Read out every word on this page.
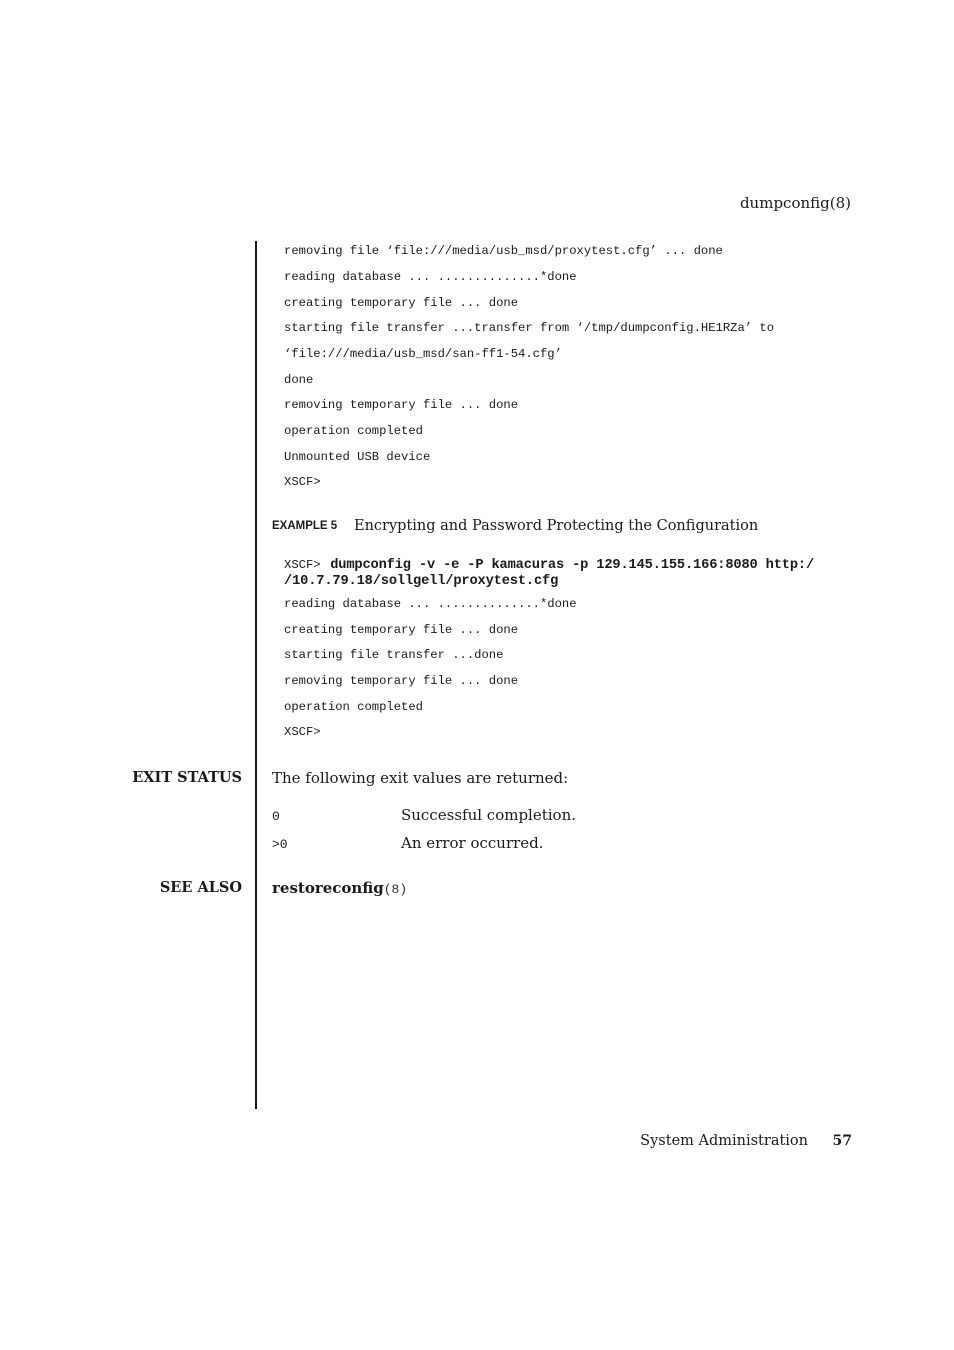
dumpconfig(8)
removing file ‘file:///media/usb_msd/proxytest.cfg’ ... done
reading database ... ..............*done
creating temporary file ... done
starting file transfer ...transfer from ‘/tmp/dumpconfig.HE1RZa’ to
‘file:///media/usb_msd/san-ff1-54.cfg’
done
removing temporary file ... done
operation completed
Unmounted USB device
XSCF>
EXAMPLE 5 Encrypting and Password Protecting the Configuration
XSCF> dumpconfig -v -e -P kamacuras -p 129.145.155.166:8080 http:/ /10.7.79.18/sollgell/proxytest.cfg
reading database ... ..............*done
creating temporary file ... done
starting file transfer ...done
removing temporary file ... done
operation completed
XSCF>
EXIT STATUS The following exit values are returned:
0	Successful completion.
>0	An error occurred.
SEE ALSO restoreconfig(8)
System Administration 57
